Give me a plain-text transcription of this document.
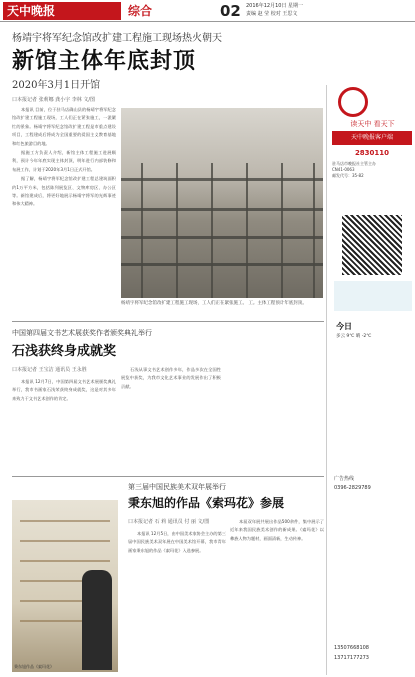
天中晚报	综合	02 2016年12月10日 星期一
责编 赵 莹 校对 王思文
杨靖宇将军纪念馆改扩建工程施工现场热火朝天
新馆主体年底封顶
2020年3月1日开馆
口本报记者 张莉娜 龚小宇 李林 文/图

本报讯 目前，位于驻马店确山县的杨靖宇将军纪念馆改扩建工程施工现场，工人们正在紧张施工，一派繁忙的景象。杨靖宇将军纪念馆改扩建工程是市重点建设项目，工程建成后将成为全国重要的爱国主义教育基地和红色旅游目的地。

据施工方负责人介绍，新馆主体工程施工进展顺利，预计今年年底实现主体封顶，明年进行内部装修和布展工作，计划于2020年3月1日正式开馆。

据了解，杨靖宇将军纪念馆改扩建工程总建筑面积约1万平方米，包括陈列展览区、文物库房区、办公区等。新馆建成后，将更好地展示杨靖宇将军的光辉事迹和伟大精神。

杨靖宇将军纪念馆改扩建工程施工现场，工人们正在紧张施工。 工。主体工程预计年底封顶。
中国第四届文书艺术展获奖作者颁奖典礼举行
石浅获终身成就奖
口本报记者 王宝洁 通讯员 王永胜

本报讯 12月7日，中国第四届文书艺术展颁奖典礼举行，我市书画家石浅荣获终身成就奖，这是对其多年来致力于文书艺术创作的肯定。

石浅从事文书艺术创作多年，作品多次在全国性展览中获奖，为我市文化艺术事业的发展作出了积极贡献。

第三届中国民族美术双年展举行
秉东旭的作品《索玛花》参展
秉东旭作品《索玛花》
口本报记者 石 莉 通讯员 付 丽 文/图

本报讯 12月5日，由中国美术家协会主办的第三届中国民族美术双年展在中国美术馆开幕，我市青年画家秉东旭的作品《索玛花》入选参展。

本届双年展共展出作品500余件，集中展示了近年来我国民族美术创作的新成果。《索玛花》以彝族人物为题材，画面清新，生动传神。

读天中 看天下
天中晚报客户端
2830110
驻马店市晚报社主管主办
CN41-0063
邮发代号：35-82
今日
多云 9℃ 晴 -2℃
广告热线
0396-2829789
13507668108
13717177273
